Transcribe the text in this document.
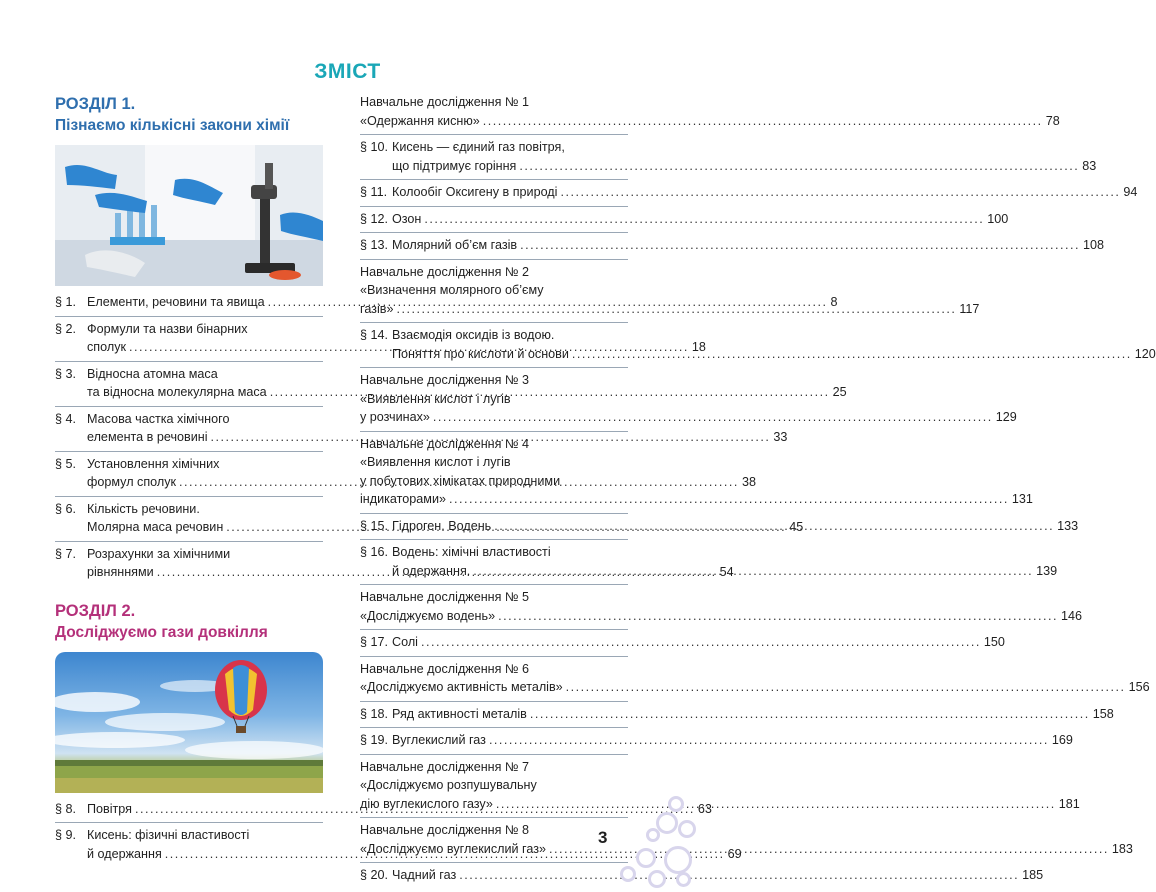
ЗМІСТ

РОЗДІЛ 1.

Пізнаємо кількісні закони хімії

§ 1. Елементи, речовини та явища .....	8
§ 2. Формули та назви бінарних
сполук .....	18
§ 3. Відносна атомна маса
та відносна молекулярна маса .....	25
§ 4. Масова частка хімічного
елемента в речовині .....	33
§ 5. Установлення хімічних
формул сполук .....	38
§ 6. Кількість речовини.
Молярна маса речовин .....	45
§ 7. Розрахунки за хімічними
рівняннями .....	54

РОЗДІЛ 2.

Досліджуємо гази довкілля

§ 8. Повітря .....	63
§ 9. Кисень: фізичні властивості
й одержання .....	69
Навчальне дослідження № 1
«Одержання кисню» .....	78
§ 10. Кисень — єдиний газ повітря,
що підтримує горіння .....	83
§ 11. Колообіг Оксигену в природі .....	94
§ 12. Озон .....	100
§ 13. Молярний об’єм газів .....	108
Навчальне дослідження № 2
«Визначення молярного об’єму
газів» .....	117
§ 14. Взаємодія оксидів із водою.
Поняття про кислоти й основи .....	120
Навчальне дослідження № 3
«Виявлення кислот і лугів
у розчинах» .....	129
Навчальне дослідження № 4
«Виявлення кислот і лугів
у побутових хімікатах природними
індикаторами» .....	131
§ 15. Гідроген. Водень .....	133
§ 16. Водень: хімічні властивості
й одержання. .....	139
Навчальне дослідження № 5
«Досліджуємо водень» .....	146
§ 17. Солі .....	150
Навчальне дослідження № 6
«Досліджуємо активність металів» .....	156
§ 18. Ряд активності металів .....	158
§ 19. Вуглекислий газ .....	169
Навчальне дослідження № 7
«Досліджуємо розпушувальну
дію вуглекислого газу» .....	181
Навчальне дослідження № 8
«Досліджуємо вуглекислий газ» .....	183
§ 20. Чадний газ .....	185
3
